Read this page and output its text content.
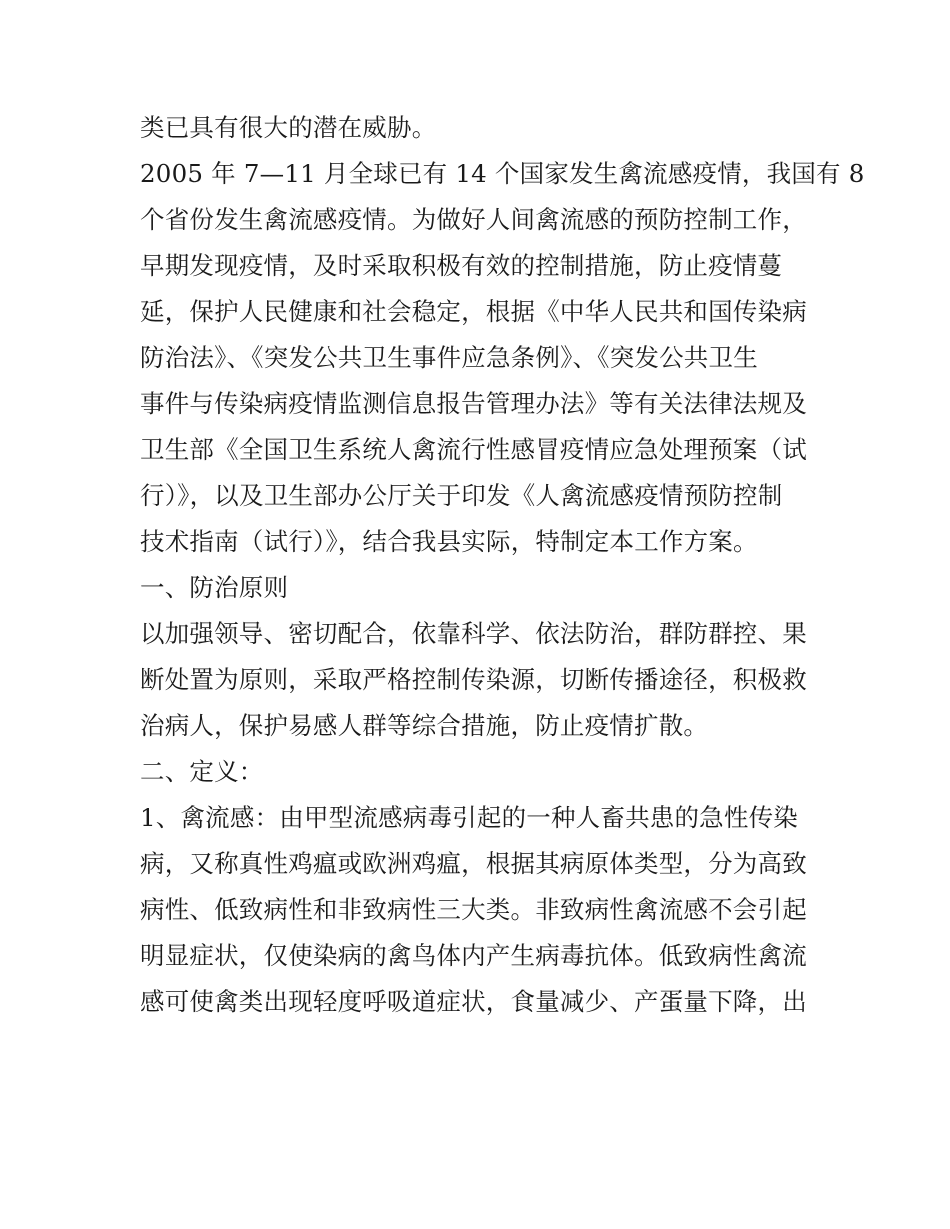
类已具有很大的潜在威胁。
2005 年 7—11 月全球已有 14 个国家发生禽流感疫情，我国有 8
个省份发生禽流感疫情。为做好人间禽流感的预防控制工作，
早期发现疫情，及时采取积极有效的控制措施，防止疫情蔓
延，保护人民健康和社会稳定，根据《中华人民共和国传染病
防治法》、《突发公共卫生事件应急条例》、《突发公共卫生
事件与传染病疫情监测信息报告管理办法》等有关法律法规及
卫生部《全国卫生系统人禽流行性感冒疫情应急处理预案（试
行）》，以及卫生部办公厅关于印发《人禽流感疫情预防控制
技术指南（试行）》，结合我县实际，特制定本工作方案。
一、防治原则
以加强领导、密切配合，依靠科学、依法防治，群防群控、果
断处置为原则，采取严格控制传染源，切断传播途径，积极救
治病人，保护易感人群等综合措施，防止疫情扩散。
二、定义：
1、禽流感：由甲型流感病毒引起的一种人畜共患的急性传染
病，又称真性鸡瘟或欧洲鸡瘟，根据其病原体类型，分为高致
病性、低致病性和非致病性三大类。非致病性禽流感不会引起
明显症状，仅使染病的禽鸟体内产生病毒抗体。低致病性禽流
感可使禽类出现轻度呼吸道症状，食量减少、产蛋量下降，出
